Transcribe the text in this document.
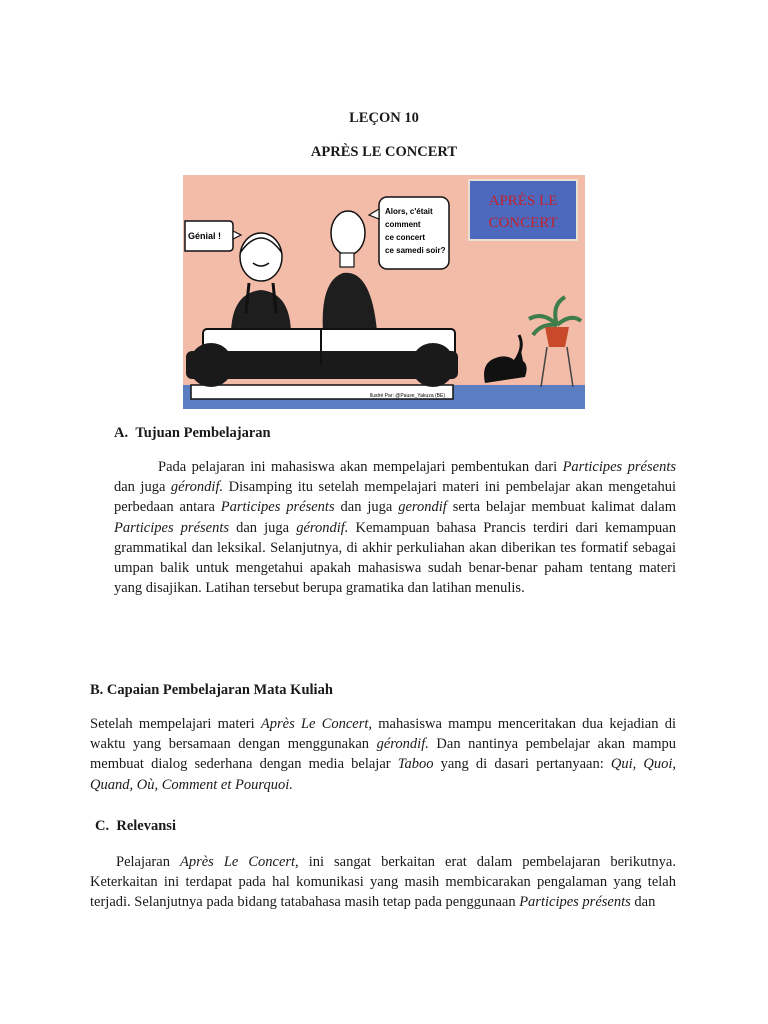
LEÇON 10
APRÈS LE CONCERT
APRÈS LE
CONCERT
Génial !
Alors, c'était
comment
ce concert
ce samedi soir?
Ilustré Par: @Pause_Yakuza (BE)
A. Tujuan Pembelajaran

Pada pelajaran ini mahasiswa akan mempelajari pembentukan dari Participes présents dan juga gérondif. Disamping itu setelah mempelajari materi ini pembelajar akan mengetahui perbedaan antara Participes présents dan juga gerondif serta belajar membuat kalimat dalam Participes présents dan juga gérondif. Kemampuan bahasa Prancis terdiri dari kemampuan grammatikal dan leksikal. Selanjutnya, di akhir perkuliahan akan diberikan tes formatif sebagai umpan balik untuk mengetahui apakah mahasiswa sudah benar-benar paham tentang materi yang disajikan. Latihan tersebut berupa gramatika dan latihan menulis.

B. Capaian Pembelajaran Mata Kuliah

Setelah mempelajari materi Après Le Concert, mahasiswa mampu menceritakan dua kejadian di waktu yang bersamaan dengan menggunakan gérondif. Dan nantinya pembelajar akan mampu membuat dialog sederhana dengan media belajar Taboo yang di dasari pertanyaan: Qui, Quoi, Quand, Où, Comment et Pourquoi.

C. Relevansi

Pelajaran Après Le Concert, ini sangat berkaitan erat dalam pembelajaran berikutnya. Keterkaitan ini terdapat pada hal komunikasi yang masih membicarakan pengalaman yang telah terjadi. Selanjutnya pada bidang tatabahasa masih tetap pada penggunaan Participes présents dan
